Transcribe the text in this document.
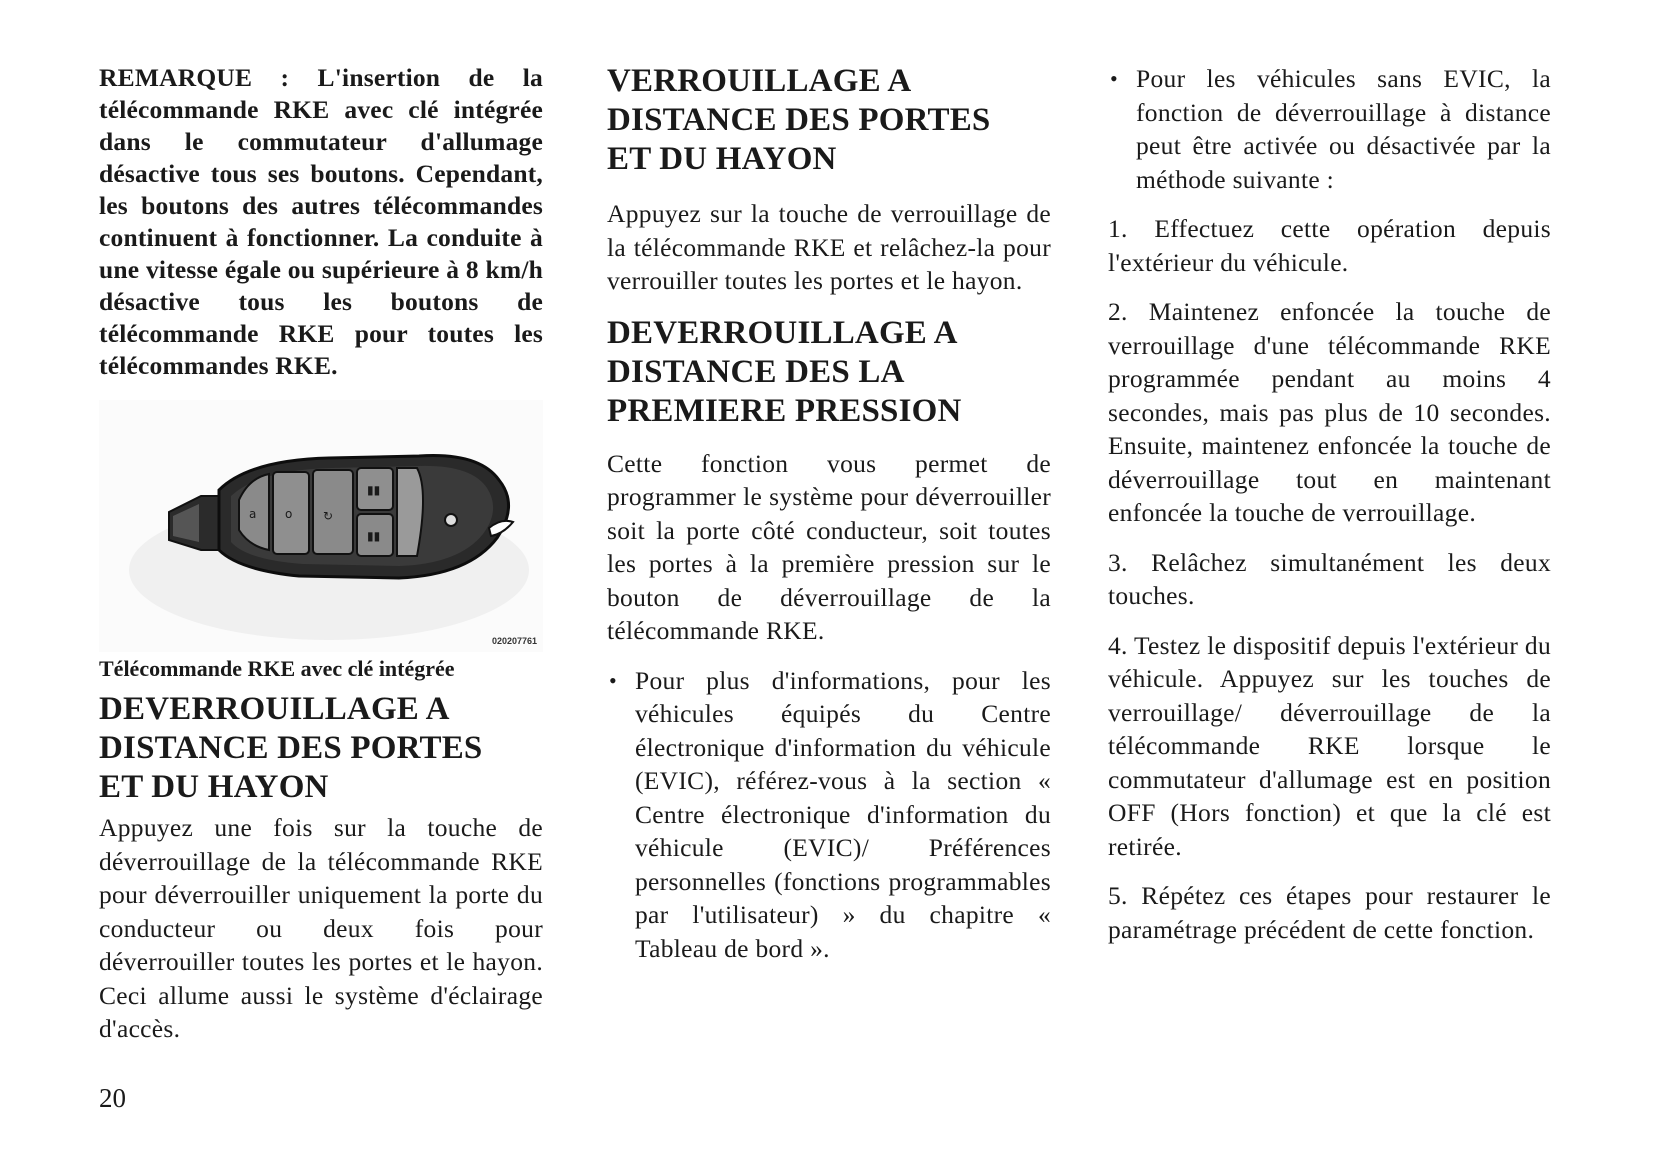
REMARQUE : L'insertion de la télécommande RKE avec clé intégrée dans le commutateur d'allumage désactive tous ses boutons. Cependant, les boutons des autres télécommandes continuent à fonctionner. La conduite à une vitesse égale ou supérieure à 8 km/h désactive tous les boutons de télécommande RKE pour toutes les télécommandes RKE.

a o	↻
▮▮
▮▮
020207761

Télécommande RKE avec clé intégrée

DEVERROUILLAGE A
DISTANCE DES PORTES
ET DU HAYON

Appuyez une fois sur la touche de déverrouillage de la télécommande RKE pour déverrouiller uniquement la porte du conducteur ou deux fois pour déverrouiller toutes les portes et le hayon. Ceci allume aussi le système d'éclairage d'accès.

VERROUILLAGE A
DISTANCE DES PORTES
ET DU HAYON

Appuyez sur la touche de verrouillage de la télécommande RKE et relâchez-la pour verrouiller toutes les portes et le hayon.

DEVERROUILLAGE A
DISTANCE DES LA
PREMIERE PRESSION

Cette fonction vous permet de programmer le système pour déverrouiller soit la porte côté conducteur, soit toutes les portes à la première pression sur le bouton de déverrouillage de la télécommande RKE.

• Pour plus d'informations, pour les véhicules équipés du Centre électronique d'information du véhicule (EVIC), référez-vous à la section « Centre électronique d'information du véhicule (EVIC)/ Préférences personnelles (fonctions programmables par l'utilisateur) » du chapitre « Tableau de bord ».
• Pour les véhicules sans EVIC, la fonction de déverrouillage à distance peut être activée ou désactivée par la méthode suivante :

1. Effectuez cette opération depuis l'extérieur du véhicule.

2. Maintenez enfoncée la touche de verrouillage d'une télécommande RKE programmée pendant au moins 4 secondes, mais pas plus de 10 secondes. Ensuite, maintenez enfoncée la touche de déverrouillage tout en maintenant enfoncée la touche de verrouillage.

3. Relâchez simultanément les deux touches.

4. Testez le dispositif depuis l'extérieur du véhicule. Appuyez sur les touches de verrouillage/ déverrouillage de la télécommande RKE lorsque le commutateur d'allumage est en position OFF (Hors fonction) et que la clé est retirée.

5. Répétez ces étapes pour restaurer le paramétrage précédent de cette fonction.

20
